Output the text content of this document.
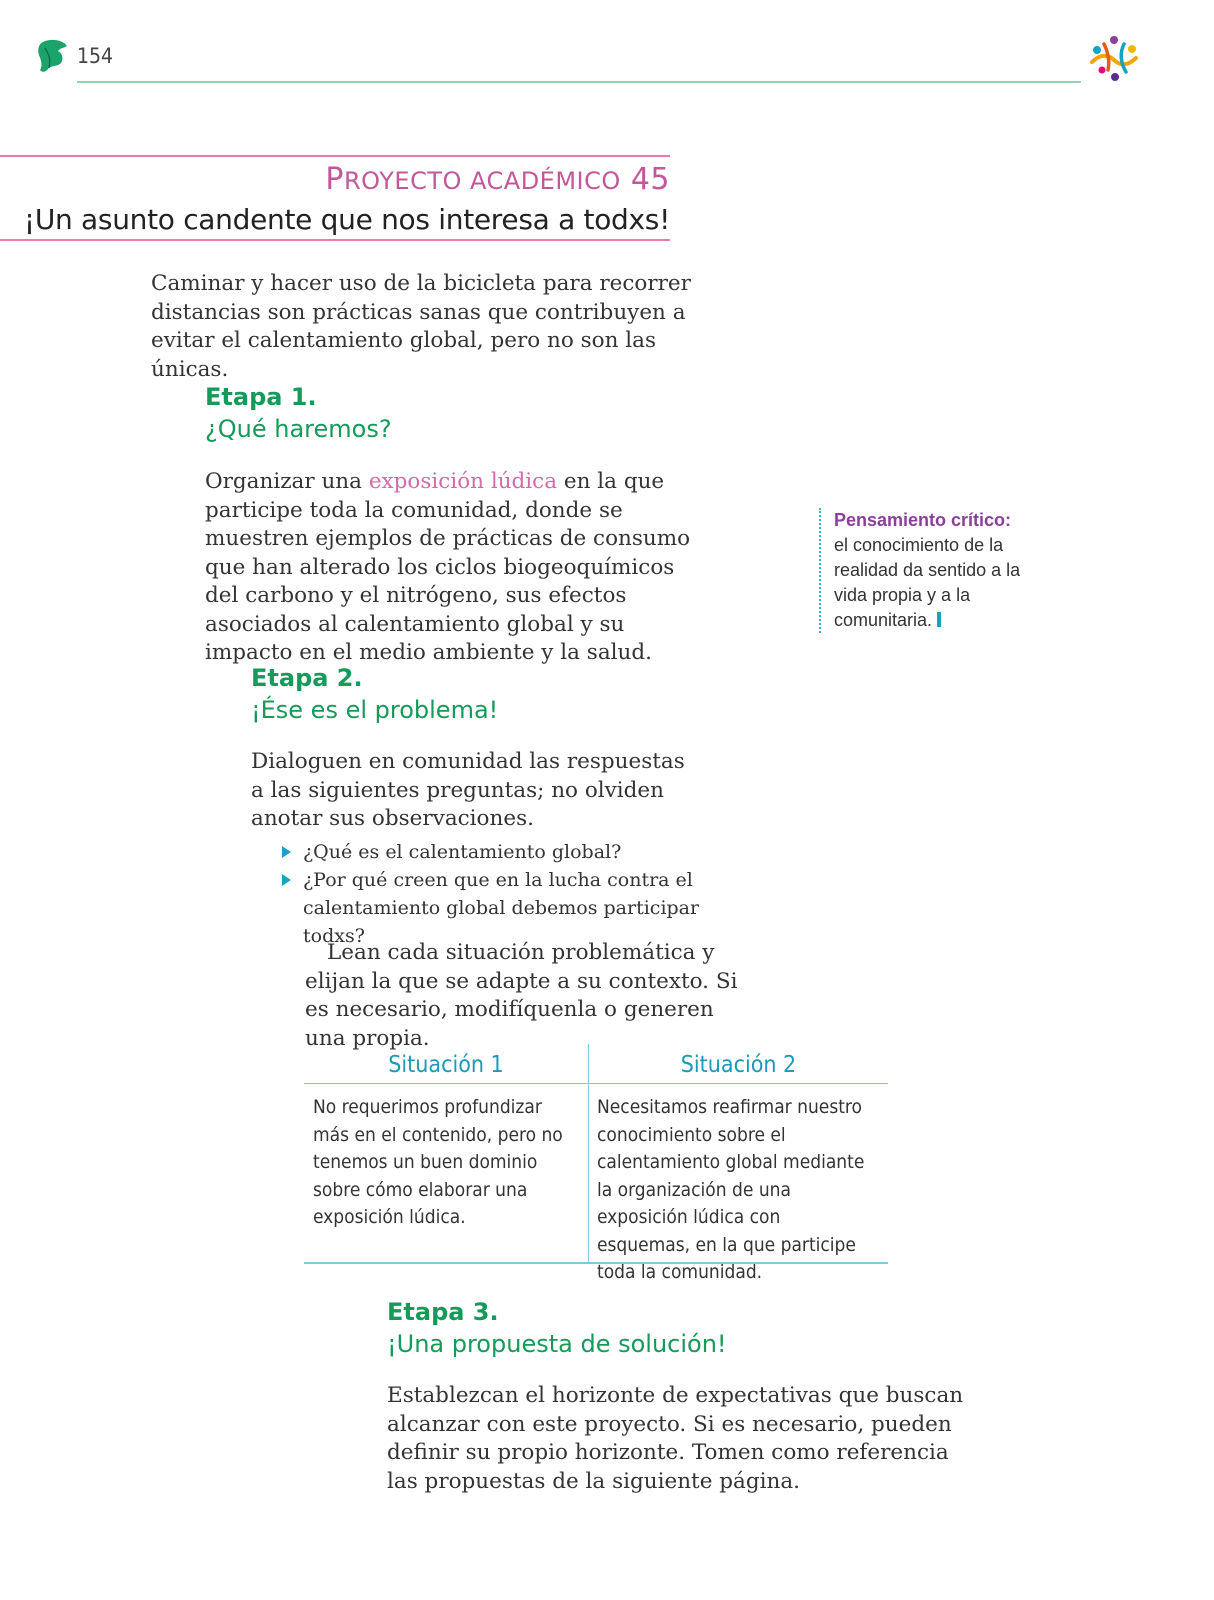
154
PROYECTO ACADÉMICO 45
¡Un asunto candente que nos interesa a todxs!
Caminar y hacer uso de la bicicleta para recorrer distancias son prácticas sanas que contribuyen a evitar el calentamiento global, pero no son las únicas.
Etapa 1.
¿Qué haremos?
Organizar una exposición lúdica en la que participe toda la comunidad, donde se muestren ejemplos de prácticas de consumo que han alterado los ciclos biogeoquímicos del carbono y el nitrógeno, sus efectos asociados al calentamiento global y su impacto en el medio ambiente y la salud.
Pensamiento crítico:
el conocimiento de la realidad da sentido a la vida propia y a la comunitaria.
Etapa 2.
¡Ése es el problema!
Dialoguen en comunidad las respuestas a las siguientes preguntas; no olviden anotar sus observaciones.
¿Qué es el calentamiento global?
¿Por qué creen que en la lucha contra el calentamiento global debemos participar todxs?
Lean cada situación problemática y elijan la que se adapte a su contexto. Si es necesario, modifíquenla o generen una propia.
Situación 1	Situación 2
No requerimos profundizar más en el contenido, pero no tenemos un buen dominio sobre cómo elaborar una exposición lúdica.
Necesitamos reafirmar nuestro conocimiento sobre el calentamiento global mediante la organización de una exposición lúdica con esquemas, en la que participe toda la comunidad.
Etapa 3.
¡Una propuesta de solución!
Establezcan el horizonte de expectativas que buscan alcanzar con este proyecto. Si es necesario, pueden definir su propio horizonte. Tomen como referencia las propuestas de la siguiente página.
